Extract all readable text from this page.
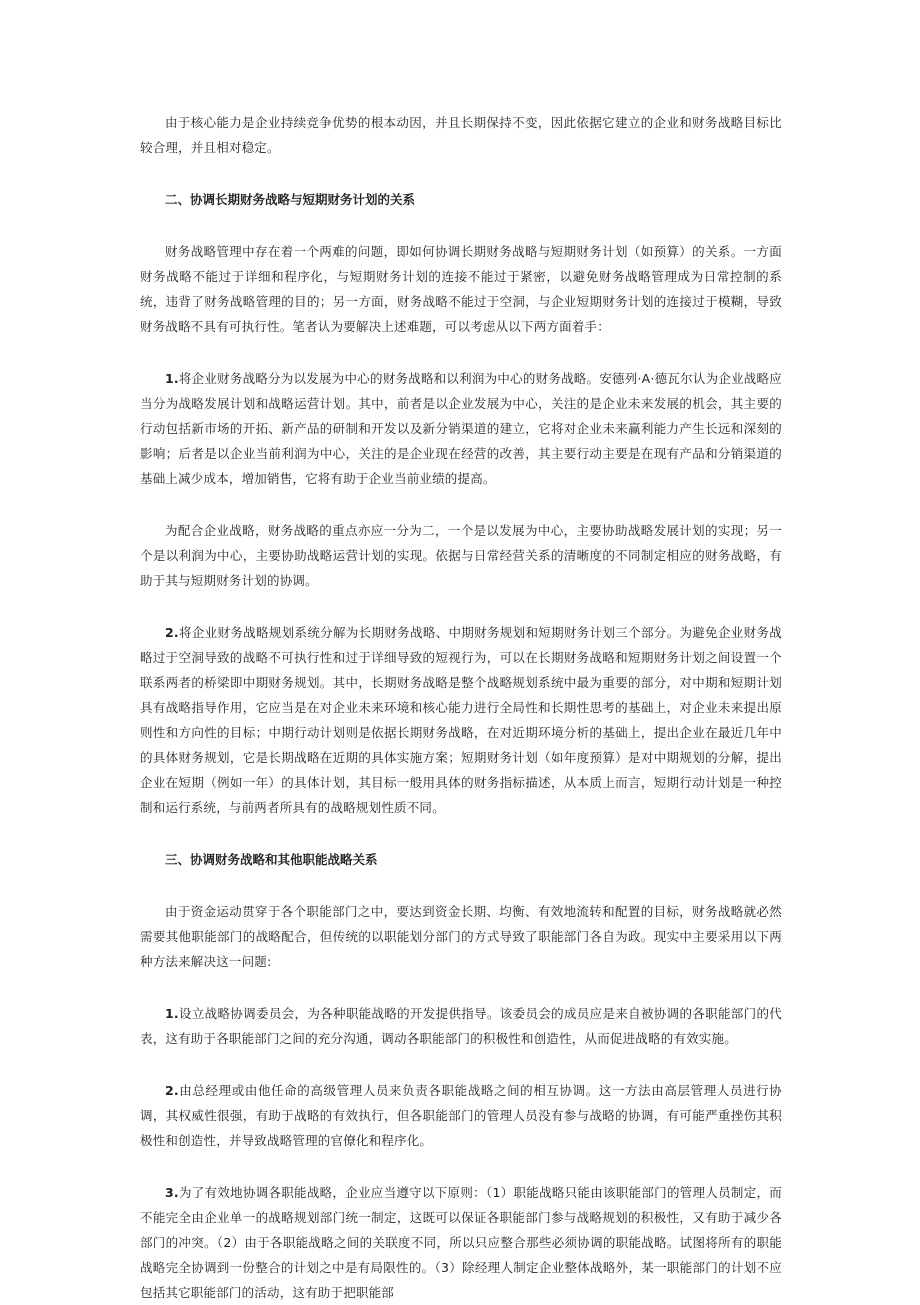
由于核心能力是企业持续竞争优势的根本动因，并且长期保持不变，因此依据它建立的企业和财务战略目标比较合理，并且相对稳定。

二、协调长期财务战略与短期财务计划的关系

财务战略管理中存在着一个两难的问题，即如何协调长期财务战略与短期财务计划（如预算）的关系。一方面财务战略不能过于详细和程序化，与短期财务计划的连接不能过于紧密，以避免财务战略管理成为日常控制的系统，违背了财务战略管理的目的；另一方面，财务战略不能过于空洞，与企业短期财务计划的连接过于模糊，导致财务战略不具有可执行性。笔者认为要解决上述难题，可以考虑从以下两方面着手：

1.将企业财务战略分为以发展为中心的财务战略和以利润为中心的财务战略。安德列·A·德瓦尔认为企业战略应当分为战略发展计划和战略运营计划。其中，前者是以企业发展为中心，关注的是企业未来发展的机会，其主要的行动包括新市场的开拓、新产品的研制和开发以及新分销渠道的建立，它将对企业未来赢利能力产生长远和深刻的影响；后者是以企业当前利润为中心，关注的是企业现在经营的改善，其主要行动主要是在现有产品和分销渠道的基础上减少成本，增加销售，它将有助于企业当前业绩的提高。

为配合企业战略，财务战略的重点亦应一分为二，一个是以发展为中心，主要协助战略发展计划的实现；另一个是以利润为中心，主要协助战略运营计划的实现。依据与日常经营关系的清晰度的不同制定相应的财务战略，有助于其与短期财务计划的协调。

2.将企业财务战略规划系统分解为长期财务战略、中期财务规划和短期财务计划三个部分。为避免企业财务战略过于空洞导致的战略不可执行性和过于详细导致的短视行为，可以在长期财务战略和短期财务计划之间设置一个联系两者的桥梁即中期财务规划。其中，长期财务战略是整个战略规划系统中最为重要的部分，对中期和短期计划具有战略指导作用，它应当是在对企业未来环境和核心能力进行全局性和长期性思考的基础上，对企业未来提出原则性和方向性的目标；中期行动计划则是依据长期财务战略，在对近期环境分析的基础上，提出企业在最近几年中的具体财务规划，它是长期战略在近期的具体实施方案；短期财务计划（如年度预算）是对中期规划的分解，提出企业在短期（例如一年）的具体计划，其目标一般用具体的财务指标描述，从本质上而言，短期行动计划是一种控制和运行系统，与前两者所具有的战略规划性质不同。

三、协调财务战略和其他职能战略关系

由于资金运动贯穿于各个职能部门之中，要达到资金长期、均衡、有效地流转和配置的目标，财务战略就必然需要其他职能部门的战略配合，但传统的以职能划分部门的方式导致了职能部门各自为政。现实中主要采用以下两种方法来解决这一问题:

1.设立战略协调委员会，为各种职能战略的开发提供指导。该委员会的成员应是来自被协调的各职能部门的代表，这有助于各职能部门之间的充分沟通，调动各职能部门的积极性和创造性，从而促进战略的有效实施。

2.由总经理或由他任命的高级管理人员来负责各职能战略之间的相互协调。这一方法由高层管理人员进行协调，其权威性很强，有助于战略的有效执行，但各职能部门的管理人员没有参与战略的协调，有可能严重挫伤其积极性和创造性，并导致战略管理的官僚化和程序化。

3.为了有效地协调各职能战略，企业应当遵守以下原则：（1）职能战略只能由该职能部门的管理人员制定，而不能完全由企业单一的战略规划部门统一制定，这既可以保证各职能部门参与战略规划的积极性，又有助于减少各部门的冲突。（2）由于各职能战略之间的关联度不同，所以只应整合那些必须协调的职能战略。试图将所有的职能战略完全协调到一份整合的计划之中是有局限性的。（3）除经理人制定企业整体战略外，某一职能部门的计划不应包括其它职能部门的活动，这有助于把职能部
